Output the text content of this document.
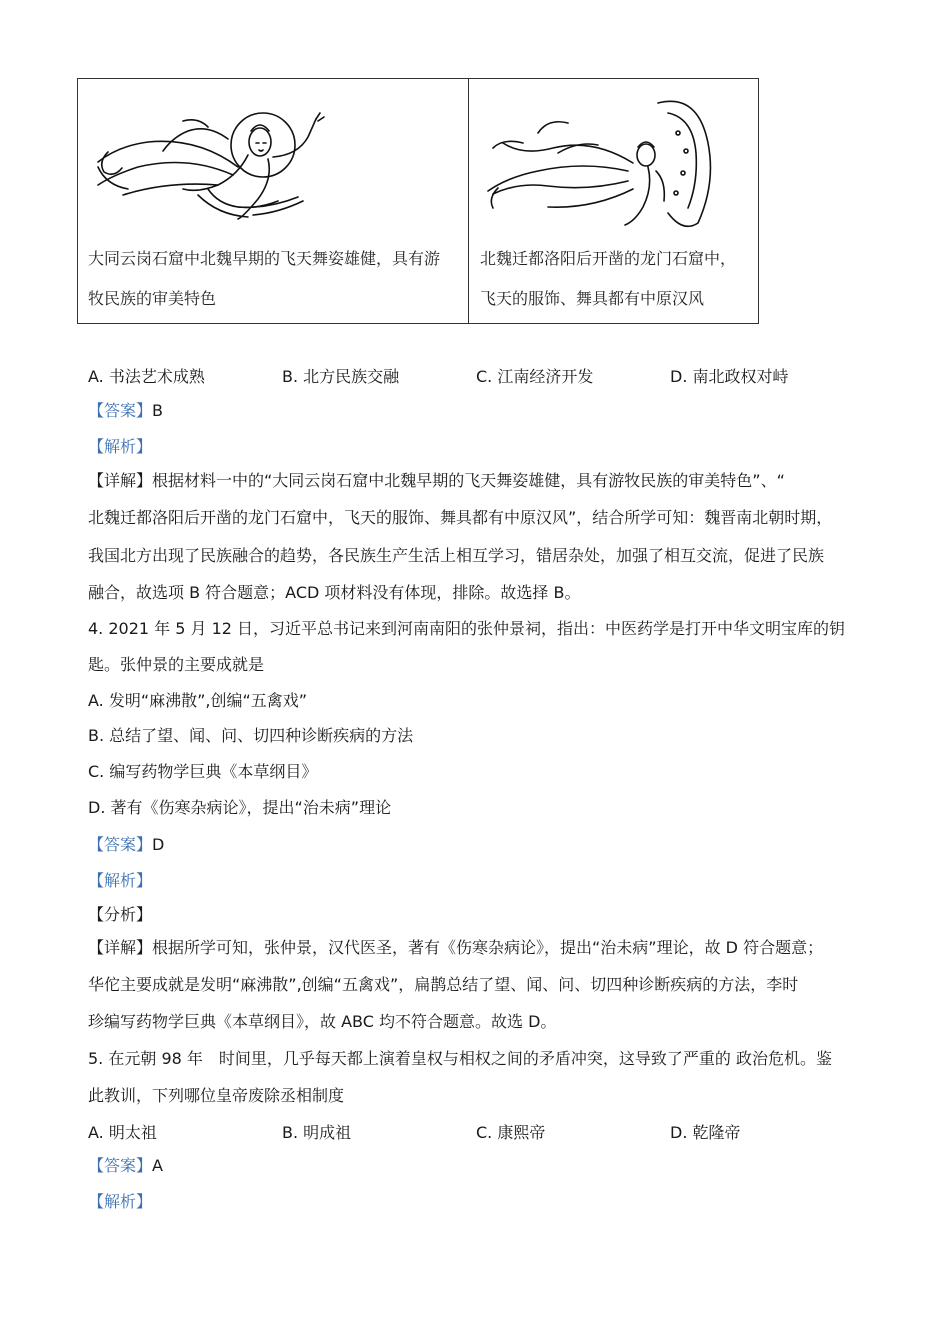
大同云岗石窟中北魏早期的飞天舞姿雄健，具有游
牧民族的审美特色
北魏迁都洛阳后开凿的龙门石窟中，
飞天的服饰、舞具都有中原汉风
A. 书法艺术成熟	B. 北方民族交融	C. 江南经济开发	D. 南北政权对峙
【答案】B
【解析】
【详解】根据材料一中的“大同云岗石窟中北魏早期的飞天舞姿雄健，具有游牧民族的审美特色”、“
北魏迁都洛阳后开凿的龙门石窟中，飞天的服饰、舞具都有中原汉风”，结合所学可知：魏晋南北朝时期，
我国北方出现了民族融合的趋势，各民族生产生活上相互学习，错居杂处，加强了相互交流，促进了民族
融合，故选项 B 符合题意；ACD 项材料没有体现，排除。故选择 B。
4. 2021 年 5 月 12 日，习近平总书记来到河南南阳的张仲景祠，指出：中医药学是打开中华文明宝库的钥
匙。张仲景的主要成就是
A. 发明“麻沸散”,创编“五禽戏”
B. 总结了望、闻、问、切四种诊断疾病的方法
C. 编写药物学巨典《本草纲目》
D. 著有《伤寒杂病论》，提出“治未病”理论
【答案】D
【解析】
【分析】
【详解】根据所学可知，张仲景，汉代医圣，著有《伤寒杂病论》，提出“治未病”理论，故 D 符合题意；
华佗主要成就是发明“麻沸散”,创编“五禽戏”，扁鹊总结了望、闻、问、切四种诊断疾病的方法，李时
珍编写药物学巨典《本草纲目》，故 ABC 均不符合题意。故选 D。
5. 在元朝 98 年　时间里，几乎每天都上演着皇权与相权之间的矛盾冲突，这导致了严重的 政治危机。鉴
此教训，下列哪位皇帝废除丞相制度
A. 明太祖	B. 明成祖	C. 康熙帝	D. 乾隆帝
【答案】A
【解析】
